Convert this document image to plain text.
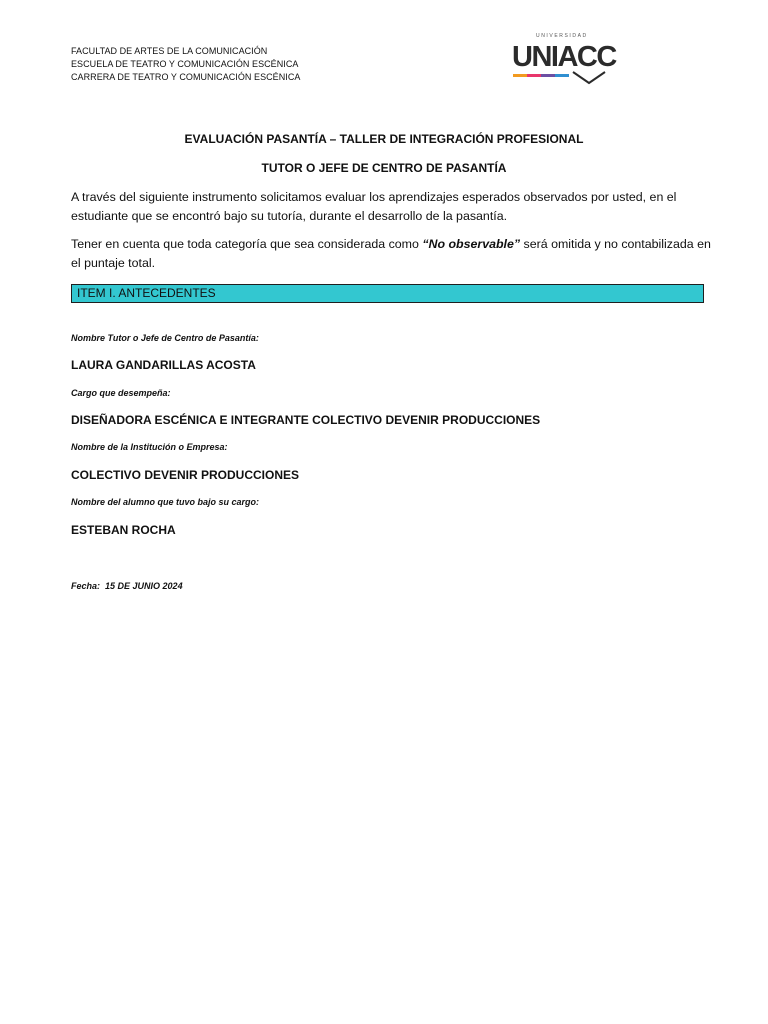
FACULTAD DE ARTES DE LA COMUNICACIÓN
ESCUELA DE TEATRO Y COMUNICACIÓN ESCÉNICA
CARRERA DE TEATRO Y COMUNICACIÓN ESCÉNICA
UNIVERSIDAD
UNIACC
EVALUACIÓN PASANTÍA – TALLER DE INTEGRACIÓN PROFESIONAL
TUTOR O JEFE DE CENTRO DE PASANTÍA
A través del siguiente instrumento solicitamos evaluar los aprendizajes esperados observados por usted, en el estudiante que se encontró bajo su tutoría, durante el desarrollo de la pasantía.
Tener en cuenta que toda categoría que sea considerada como “No observable” será omitida y no contabilizada en el puntaje total.
ITEM I. ANTECEDENTES
Nombre Tutor o Jefe de Centro de Pasantía:
LAURA GANDARILLAS ACOSTA
Cargo que desempeña:
DISEÑADORA ESCÉNICA E INTEGRANTE COLECTIVO DEVENIR PRODUCCIONES
Nombre de la Institución o Empresa:
COLECTIVO DEVENIR PRODUCCIONES
Nombre del alumno que tuvo bajo su cargo:
ESTEBAN ROCHA
Fecha: 15 DE JUNIO 2024
